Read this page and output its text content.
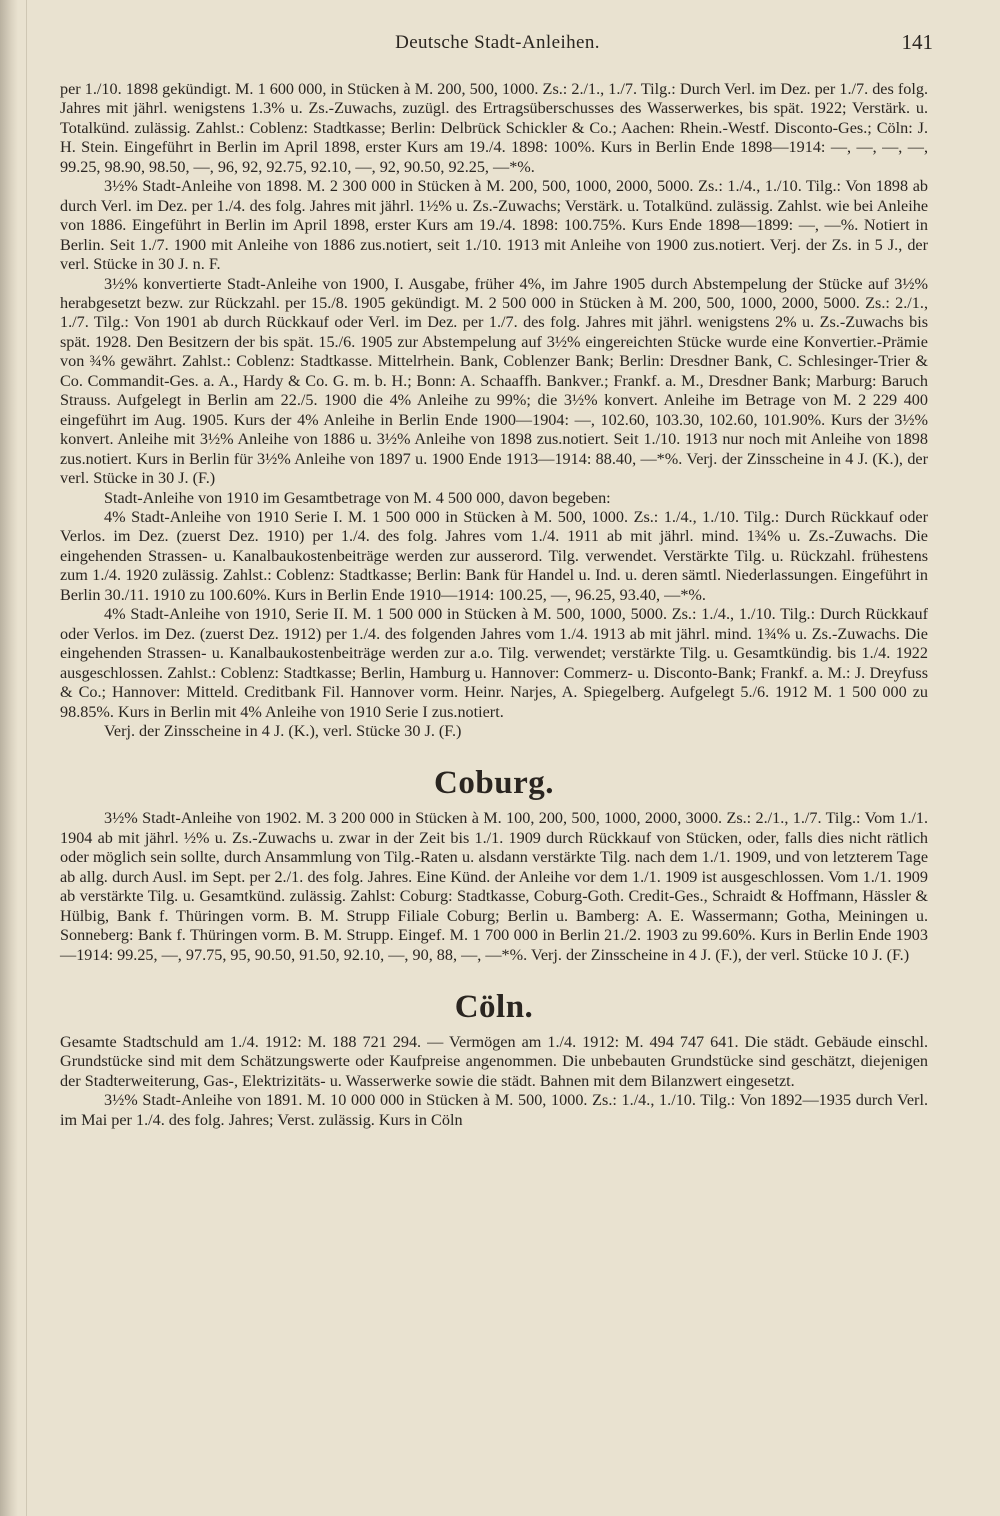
Deutsche Stadt-Anleihen.	141

per 1./10. 1898 gekündigt. M. 1 600 000, in Stücken à M. 200, 500, 1000. Zs.: 2./1., 1./7. Tilg.: Durch Verl. im Dez. per 1./7. des folg. Jahres mit jährl. wenigstens 1.3% u. Zs.-Zuwachs, zuzügl. des Ertragsüberschusses des Wasserwerkes, bis spät. 1922; Verstärk. u. Totalkünd. zulässig. Zahlst.: Coblenz: Stadtkasse; Berlin: Delbrück Schickler & Co.; Aachen: Rhein.-Westf. Disconto-Ges.; Cöln: J. H. Stein. Eingeführt in Berlin im April 1898, erster Kurs am 19./4. 1898: 100%. Kurs in Berlin Ende 1898—1914: —, —, —, —, 99.25, 98.90, 98.50, —, 96, 92, 92.75, 92.10, —, 92, 90.50, 92.25, —*%.

3½% Stadt-Anleihe von 1898. M. 2 300 000 in Stücken à M. 200, 500, 1000, 2000, 5000. Zs.: 1./4., 1./10. Tilg.: Von 1898 ab durch Verl. im Dez. per 1./4. des folg. Jahres mit jährl. 1½% u. Zs.-Zuwachs; Verstärk. u. Totalkünd. zulässig. Zahlst. wie bei Anleihe von 1886. Eingeführt in Berlin im April 1898, erster Kurs am 19./4. 1898: 100.75%. Kurs Ende 1898—1899: —, —%. Notiert in Berlin. Seit 1./7. 1900 mit Anleihe von 1886 zus.notiert, seit 1./10. 1913 mit Anleihe von 1900 zus.notiert. Verj. der Zs. in 5 J., der verl. Stücke in 30 J. n. F.

3½% konvertierte Stadt-Anleihe von 1900, I. Ausgabe, früher 4%, im Jahre 1905 durch Abstempelung der Stücke auf 3½% herabgesetzt bezw. zur Rückzahl. per 15./8. 1905 gekündigt. M. 2 500 000 in Stücken à M. 200, 500, 1000, 2000, 5000. Zs.: 2./1., 1./7. Tilg.: Von 1901 ab durch Rückkauf oder Verl. im Dez. per 1./7. des folg. Jahres mit jährl. wenigstens 2% u. Zs.-Zuwachs bis spät. 1928. Den Besitzern der bis spät. 15./6. 1905 zur Abstempelung auf 3½% eingereichten Stücke wurde eine Konvertier.-Prämie von ¾% gewährt. Zahlst.: Coblenz: Stadtkasse. Mittelrhein. Bank, Coblenzer Bank; Berlin: Dresdner Bank, C. Schlesinger-Trier & Co. Commandit-Ges. a. A., Hardy & Co. G. m. b. H.; Bonn: A. Schaaffh. Bankver.; Frankf. a. M., Dresdner Bank; Marburg: Baruch Strauss. Aufgelegt in Berlin am 22./5. 1900 die 4% Anleihe zu 99%; die 3½% konvert. Anleihe im Betrage von M. 2 229 400 eingeführt im Aug. 1905. Kurs der 4% Anleihe in Berlin Ende 1900—1904: —, 102.60, 103.30, 102.60, 101.90%. Kurs der 3½% konvert. Anleihe mit 3½% Anleihe von 1886 u. 3½% Anleihe von 1898 zus.notiert. Seit 1./10. 1913 nur noch mit Anleihe von 1898 zus.notiert. Kurs in Berlin für 3½% Anleihe von 1897 u. 1900 Ende 1913—1914: 88.40, —*%. Verj. der Zinsscheine in 4 J. (K.), der verl. Stücke in 30 J. (F.)

Stadt-Anleihe von 1910 im Gesamtbetrage von M. 4 500 000, davon begeben:

4% Stadt-Anleihe von 1910 Serie I. M. 1 500 000 in Stücken à M. 500, 1000. Zs.: 1./4., 1./10. Tilg.: Durch Rückkauf oder Verlos. im Dez. (zuerst Dez. 1910) per 1./4. des folg. Jahres vom 1./4. 1911 ab mit jährl. mind. 1¾% u. Zs.-Zuwachs. Die eingehenden Strassen- u. Kanalbaukostenbeiträge werden zur ausserord. Tilg. verwendet. Verstärkte Tilg. u. Rückzahl. frühestens zum 1./4. 1920 zulässig. Zahlst.: Coblenz: Stadtkasse; Berlin: Bank für Handel u. Ind. u. deren sämtl. Niederlassungen. Eingeführt in Berlin 30./11. 1910 zu 100.60%. Kurs in Berlin Ende 1910—1914: 100.25, —, 96.25, 93.40, —*%.

4% Stadt-Anleihe von 1910, Serie II. M. 1 500 000 in Stücken à M. 500, 1000, 5000. Zs.: 1./4., 1./10. Tilg.: Durch Rückkauf oder Verlos. im Dez. (zuerst Dez. 1912) per 1./4. des folgenden Jahres vom 1./4. 1913 ab mit jährl. mind. 1¾% u. Zs.-Zuwachs. Die eingehenden Strassen- u. Kanalbaukostenbeiträge werden zur a.o. Tilg. verwendet; verstärkte Tilg. u. Gesamtkündig. bis 1./4. 1922 ausgeschlossen. Zahlst.: Coblenz: Stadtkasse; Berlin, Hamburg u. Hannover: Commerz- u. Disconto-Bank; Frankf. a. M.: J. Dreyfuss & Co.; Hannover: Mitteld. Creditbank Fil. Hannover vorm. Heinr. Narjes, A. Spiegelberg. Aufgelegt 5./6. 1912 M. 1 500 000 zu 98.85%. Kurs in Berlin mit 4% Anleihe von 1910 Serie I zus.notiert.

Verj. der Zinsscheine in 4 J. (K.), verl. Stücke 30 J. (F.)

Coburg.

3½% Stadt-Anleihe von 1902. M. 3 200 000 in Stücken à M. 100, 200, 500, 1000, 2000, 3000. Zs.: 2./1., 1./7. Tilg.: Vom 1./1. 1904 ab mit jährl. ½% u. Zs.-Zuwachs u. zwar in der Zeit bis 1./1. 1909 durch Rückkauf von Stücken, oder, falls dies nicht rätlich oder möglich sein sollte, durch Ansammlung von Tilg.-Raten u. alsdann verstärkte Tilg. nach dem 1./1. 1909, und von letzterem Tage ab allg. durch Ausl. im Sept. per 2./1. des folg. Jahres. Eine Künd. der Anleihe vor dem 1./1. 1909 ist ausgeschlossen. Vom 1./1. 1909 ab verstärkte Tilg. u. Gesamtkünd. zulässig. Zahlst: Coburg: Stadtkasse, Coburg-Goth. Credit-Ges., Schraidt & Hoffmann, Hässler & Hülbig, Bank f. Thüringen vorm. B. M. Strupp Filiale Coburg; Berlin u. Bamberg: A. E. Wassermann; Gotha, Meiningen u. Sonneberg: Bank f. Thüringen vorm. B. M. Strupp. Eingef. M. 1 700 000 in Berlin 21./2. 1903 zu 99.60%. Kurs in Berlin Ende 1903—1914: 99.25, —, 97.75, 95, 90.50, 91.50, 92.10, —, 90, 88, —, —*%. Verj. der Zinsscheine in 4 J. (F.), der verl. Stücke 10 J. (F.)

Cöln.

Gesamte Stadtschuld am 1./4. 1912: M. 188 721 294. — Vermögen am 1./4. 1912: M. 494 747 641. Die städt. Gebäude einschl. Grundstücke sind mit dem Schätzungswerte oder Kaufpreise angenommen. Die unbebauten Grundstücke sind geschätzt, diejenigen der Stadterweiterung, Gas-, Elektrizitäts- u. Wasserwerke sowie die städt. Bahnen mit dem Bilanzwert eingesetzt.

3½% Stadt-Anleihe von 1891. M. 10 000 000 in Stücken à M. 500, 1000. Zs.: 1./4., 1./10. Tilg.: Von 1892—1935 durch Verl. im Mai per 1./4. des folg. Jahres; Verst. zulässig. Kurs in Cöln
